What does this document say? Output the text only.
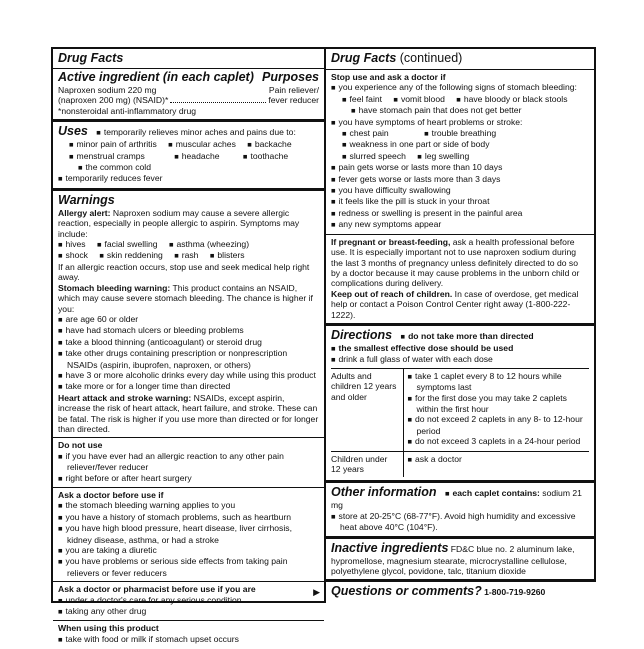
Drug Facts
Active ingredient (in each caplet) Purposes
Naproxen sodium 220 mg	Pain reliever/
(naproxen 200 mg) (NSAID)*	fever reducer
*nonsteroidal anti-inflammatory drug
Uses ■ temporarily relieves minor aches and pains due to:
■ minor pain of arthritis ■ muscular aches ■ backache
■ menstrual cramps	■ headache	■ toothache
■ the common cold
■ temporarily reduces fever
Warnings
Allergy alert: Naproxen sodium may cause a severe allergic reaction, especially in people allergic to aspirin. Symptoms may include:
■ hives ■ facial swelling ■ asthma (wheezing)
■ shock ■ skin reddening ■ rash ■ blisters
If an allergic reaction occurs, stop use and seek medical help right away.
Stomach bleeding warning: This product contains an NSAID, which may cause severe stomach bleeding. The chance is higher if you:
■ are age 60 or older
■ have had stomach ulcers or bleeding problems
■ take a blood thinning (anticoagulant) or steroid drug
■ take other drugs containing prescription or nonprescription NSAIDs (aspirin, ibuprofen, naproxen, or others)
■ have 3 or more alcoholic drinks every day while using this product
■ take more or for a longer time than directed
Heart attack and stroke warning: NSAIDs, except aspirin, increase the risk of heart attack, heart failure, and stroke. These can be fatal. The risk is higher if you use more than directed or for longer than directed.
Do not use
■ if you have ever had an allergic reaction to any other pain reliever/fever reducer
■ right before or after heart surgery
Ask a doctor before use if
■ the stomach bleeding warning applies to you
■ you have a history of stomach problems, such as heartburn
■ you have high blood pressure, heart disease, liver cirrhosis, kidney disease, asthma, or had a stroke
■ you are taking a diuretic
■ you have problems or serious side effects from taking pain relievers or fever reducers
Ask a doctor or pharmacist before use if you are
■ under a doctor's care for any serious condition
■ taking any other drug
When using this product
■ take with food or milk if stomach upset occurs
▶
Drug Facts (continued)
Stop use and ask a doctor if
■ you experience any of the following signs of stomach bleeding:
■ feel faint ■ vomit blood ■ have bloody or black stools
■ have stomach pain that does not get better
■ you have symptoms of heart problems or stroke:
■ chest pain	■ trouble breathing
■ weakness in one part or side of body
■ slurred speech ■ leg swelling
■ pain gets worse or lasts more than 10 days
■ fever gets worse or lasts more than 3 days
■ you have difficulty swallowing
■ it feels like the pill is stuck in your throat
■ redness or swelling is present in the painful area
■ any new symptoms appear
If pregnant or breast-feeding, ask a health professional before use. It is especially important not to use naproxen sodium during the last 3 months of pregnancy unless definitely directed to do so by a doctor because it may cause problems in the unborn child or complications during delivery.
Keep out of reach of children. In case of overdose, get medical help or contact a Poison Control Center right away (1-800-222-1222).
Directions ■ do not take more than directed
■ the smallest effective dose should be used
■ drink a full glass of water with each dose
Adults and children 12 years and older	■ take 1 caplet every 8 to 12 hours while symptoms last
■ for the first dose you may take 2 caplets within the first hour
■ do not exceed 2 caplets in any 8- to 12-hour period
■ do not exceed 3 caplets in a 24-hour period

Children under 12 years	■ ask a doctor
Other information ■ each caplet contains: sodium 21 mg
■ store at 20-25°C (68-77°F). Avoid high humidity and excessive heat above 40°C (104°F).
Inactive ingredients FD&C blue no. 2 aluminum lake, hypromellose, magnesium stearate, microcrystalline cellulose, polyethylene glycol, povidone, talc, titanium dioxide
Questions or comments? 1-800-719-9260
